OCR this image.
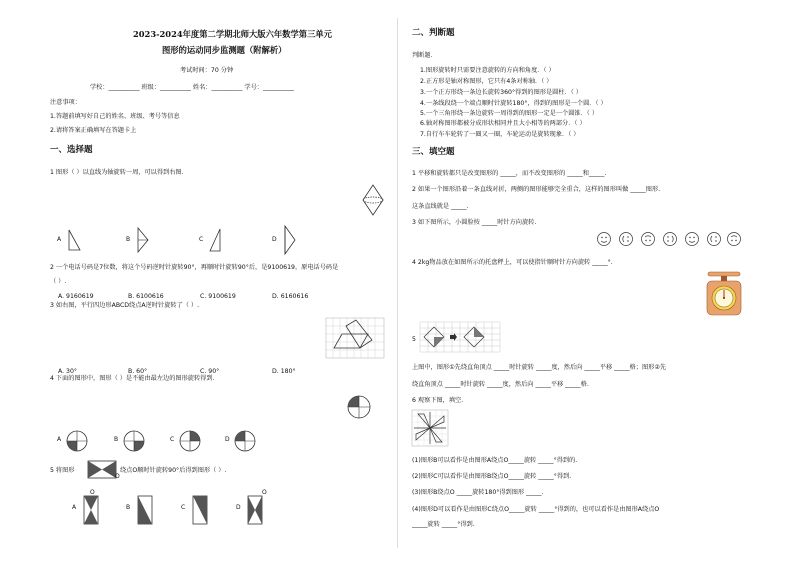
2023-2024年度第二学期北师大版六年数学第三单元
图形的运动同步监测题（附解析）
考试时间：70 分钟
学校：__________ 班级：__________ 姓名：__________ 学号：__________
注意事项：
1.答题前填写好自己的姓名、班级、考号等信息
2.请将答案正确填写在答题卡上
一、选择题
1 图形（ ）以直线为轴旋转一周，可以得到右图.
A	B	C	D
2 一个电话号码是7位数，将这个号码逆时针旋转90°，再顺时针旋转90°后，是9100619，原电话号码是
（ ）.
A. 9160619	B. 6100616	C. 9100619	D. 6160616
3 如右图，平行四边形ABCD绕点A逆时针旋转了（ ）.
A. 30°	B. 60°	C. 90°	D. 180°
4 下面的图形中，图形（ ）是不能由最左边的图形旋转得到.
A	B	C	D
5 将图形
O
绕点O顺时针旋转90°后得到图形（ ）.
A	B	C	D
O	O
二、判断题
判断题．
1.图形旋转时只需要注意旋转的方向和角度．（ ）
2.正方形是轴对称图形，它只有4条对称轴．（ ）
3.一个正方形绕一条边长旋转360°得到的图形是圆柱．（ ）
4.一条线段绕一个端点顺时针旋转180°，得到的图形是一个圆．（ ）
5.一个三角形绕一条边旋转一周得到的图形一定是一个圆锥．（ ）
6.轴对称图形都被分成形状相同并且大小相等的两部分．（ ）
7.自行车车轮转了一圈又一圈，车轮运动是旋转现象．（ ）
三、填空题
1 平移和旋转都只是改变图形的 _____，而不改变图形的 _____和_____.
2 如果一个图形沿着一条直线对折，两侧的图形能够完全重合，这样的图形叫做 _____图形.
这条直线就是 _____.
3 如下图所示，小圆脸按 _____时针方向旋转.
4 2kg物品放在如图所示的托盘秤上，可以使指针顺时针方向旋转 _____°.
5
上图中，图形①先绕直角顶点 _____时针旋转 _____度，然后向 _____平移 _____格；图形②先
绕直角顶点 _____时针旋转 _____度，然后向 _____平移 _____格.
6 观察下图，填空.
(1)图形B可以看作是由图形A绕点O_____旋转 _____°得到的.
(2)图形C可以看作是由图形B绕点O_____旋转 _____°得到.
(3)图形B绕点O _____旋转180°得到图形 _____.
(4)图形D可以看作是由图形C绕点O_____旋转 _____°得到的，也可以看作是由图形A绕点O
_____旋转 _____°得到.
